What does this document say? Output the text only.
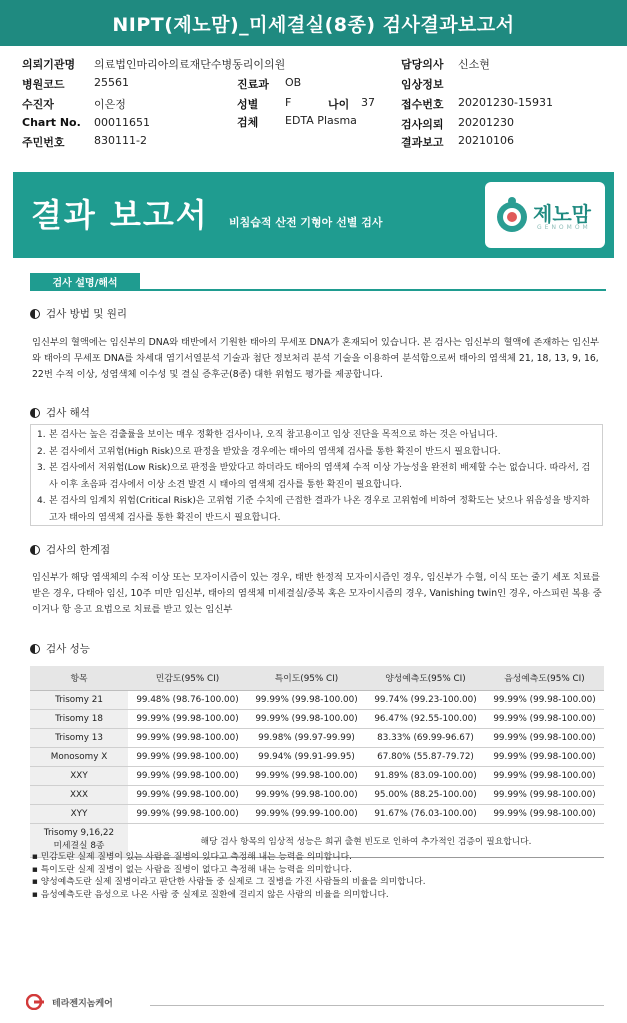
NIPT(제노맘)_미세결실(8종) 검사결과보고서
의뢰기관명 의료법인마리아의료재단수병동리이의원	담당의사 신소현
병원코드	25561	진료과 OB	임상정보
수진자	이은정	성별 F	나이 37 접수번호 20201230-15931
Chart No. 00011651	검체 EDTA Plasma	검사의뢰 20201230
주민번호	830111-2	결과보고 20210106
결과 보고서 비침습적 산전 기형아 선별 검사	제노맘
GENOMOM
검사 설명/해석
검사 방법 및 원리
임신부의 혈액에는 임신부의 DNA와 태반에서 기원한 태아의 무세포 DNA가 혼재되어 있습니다. 본 검사는 임신부의 혈액에 존재하는 임신부와 태아의 무세포 DNA를 차세대 염기서열분석 기술과 첨단 정보처리 분석 기술을 이용하여 분석함으로써 태아의 염색체 21, 18, 13, 9, 16, 22번 수적 이상, 성염색체 이수성 및 결실 증후군(8종) 대한 위험도 평가를 제공합니다.
검사 해석
1. 본 검사는 높은 검출률을 보이는 매우 정확한 검사이나, 오직 참고용이고 임상 진단을 목적으로 하는 것은 아닙니다.
2. 본 검사에서 고위험(High Risk)으로 판정을 받았을 경우에는 태아의 염색체 검사를 통한 확진이 반드시 필요합니다.
3. 본 검사에서 저위험(Low Risk)으로 판정을 받았다고 하더라도 태아의 염색체 수적 이상 가능성을 완전히 배제할 수는 없습니다. 따라서, 검사 이후 초음파 검사에서 이상 소견 발견 시 태아의 염색체 검사를 통한 확진이 필요합니다.
4. 본 검사의 임계치 위험(Critical Risk)은 고위험 기준 수치에 근접한 결과가 나온 경우로 고위험에 비하여 정확도는 낮으나 위음성을 방지하고자 태아의 염색체 검사를 통한 확진이 반드시 필요합니다.
검사의 한계점
임신부가 해당 염색체의 수적 이상 또는 모자이시즘이 있는 경우, 태반 한정적 모자이시즘인 경우, 임신부가 수혈, 이식 또는 줄기 세포 치료를 받은 경우, 다태아 임신, 10주 미만 임신부, 태아의 염색체 미세결실/중복 혹은 모자이시즘의 경우, Vanishing twin인 경우, 아스피린 복용 중이거나 항 응고 요법으로 치료를 받고 있는 임신부
검사 성능
항목	민감도(95% CI)	특이도(95% CI)	양성예측도(95% CI)	음성예측도(95% CI)
Trisomy 21	99.48% (98.76-100.00)	99.99% (99.98-100.00)	99.74% (99.23-100.00)	99.99% (99.98-100.00)
Trisomy 18	99.99% (99.98-100.00)	99.99% (99.98-100.00)	96.47% (92.55-100.00)	99.99% (99.98-100.00)
Trisomy 13	99.99% (99.98-100.00)	99.98% (99.97-99.99)	83.33% (69.99-96.67)	99.99% (99.98-100.00)
Monosomy X	99.99% (99.98-100.00)	99.94% (99.91-99.95)	67.80% (55.87-79.72)	99.99% (99.98-100.00)
XXY	99.99% (99.98-100.00)	99.99% (99.98-100.00)	91.89% (83.09-100.00)	99.99% (99.98-100.00)
XXX	99.99% (99.98-100.00)	99.99% (99.98-100.00)	95.00% (88.25-100.00)	99.99% (99.98-100.00)
XYY	99.99% (99.98-100.00)	99.99% (99.99-100.00)	91.67% (76.03-100.00)	99.99% (99.98-100.00)

Trisomy 9,16,22
미세결실 8종	해당 검사 항목의 임상적 성능은 희귀 출현 빈도로 인하여 추가적인 검증이 필요합니다.			
▪ 민감도란 실제 질병이 있는 사람을 질병이 있다고 측정해 내는 능력을 의미합니다.
▪ 특이도란 실제 질병이 없는 사람을 질병이 없다고 측정해 내는 능력을 의미합니다.
▪ 양성예측도란 실제 질병이라고 판단한 사람들 중 실제로 그 질병을 가진 사람들의 비율을 의미합니다.
▪ 음성예측도란 음성으로 나온 사람 중 실제로 질환에 걸리지 않은 사람의 비율을 의미합니다.
테라젠지놈케어
